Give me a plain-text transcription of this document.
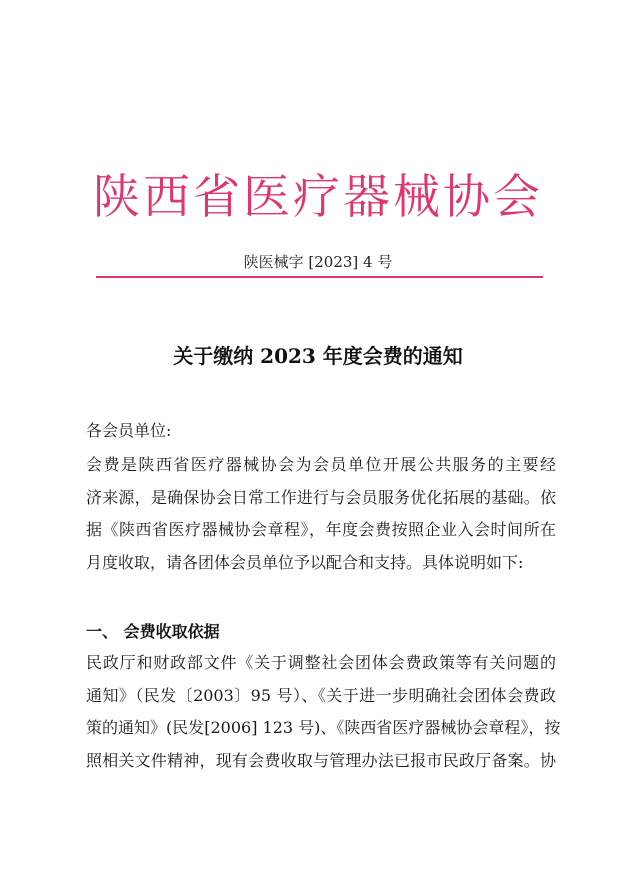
陕西省医疗器械协会
陕医械字 [2023] 4 号
关于缴纳 2023 年度会费的通知
各会员单位:
会费是陕西省医疗器械协会为会员单位开展公共服务的主要经
济来源，是确保协会日常工作进行与会员服务优化拓展的基础。依
据《陕西省医疗器械协会章程》，年度会费按照企业入会时间所在
月度收取，请各团体会员单位予以配合和支持。具体说明如下:
一、 会费收取依据
民政厅和财政部文件《关于调整社会团体会费政策等有关问题的
通知》（民发〔2003〕95 号）、《关于进一步明确社会团体会费政
策的通知》(民发[2006] 123 号)、《陕西省医疗器械协会章程》，按
照相关文件精神，现有会费收取与管理办法已报市民政厅备案。协
